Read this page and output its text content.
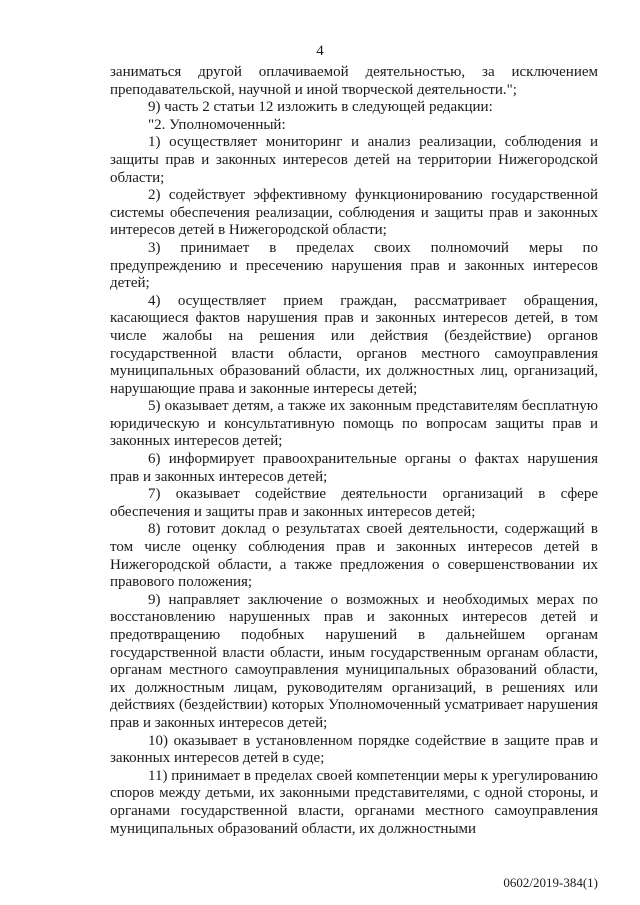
4

заниматься другой оплачиваемой деятельностью, за исключением преподавательской, научной и иной творческой деятельности.";

9) часть 2 статьи 12 изложить в следующей редакции:

"2. Уполномоченный:

1) осуществляет мониторинг и анализ реализации, соблюдения и защиты прав и законных интересов детей на территории Нижегородской области;

2) содействует эффективному функционированию государственной системы обеспечения реализации, соблюдения и защиты прав и законных интересов детей в Нижегородской области;

3) принимает в пределах своих полномочий меры по предупреждению и пресечению нарушения прав и законных интересов детей;

4) осуществляет прием граждан, рассматривает обращения, касающиеся фактов нарушения прав и законных интересов детей, в том числе жалобы на решения или действия (бездействие) органов государственной власти области, органов местного самоуправления муниципальных образований области, их должностных лиц, организаций, нарушающие права и законные интересы детей;

5) оказывает детям, а также их законным представителям бесплатную юридическую и консультативную помощь по вопросам защиты прав и законных интересов детей;

6) информирует правоохранительные органы о фактах нарушения прав и законных интересов детей;

7) оказывает содействие деятельности организаций в сфере обеспечения и защиты прав и законных интересов детей;

8) готовит доклад о результатах своей деятельности, содержащий в том числе оценку соблюдения прав и законных интересов детей в Нижегородской области, а также предложения о совершенствовании их правового положения;

9) направляет заключение о возможных и необходимых мерах по восстановлению нарушенных прав и законных интересов детей и предотвращению подобных нарушений в дальнейшем органам государственной власти области, иным государственным органам области, органам местного самоуправления муниципальных образований области, их должностным лицам, руководителям организаций, в решениях или действиях (бездействии) которых Уполномоченный усматривает нарушения прав и законных интересов детей;

10) оказывает в установленном порядке содействие в защите прав и законных интересов детей в суде;

11) принимает в пределах своей компетенции меры к урегулированию споров между детьми, их законными представителями, с одной стороны, и органами государственной власти, органами местного самоуправления муниципальных образований области, их должностными

0602/2019-384(1)
